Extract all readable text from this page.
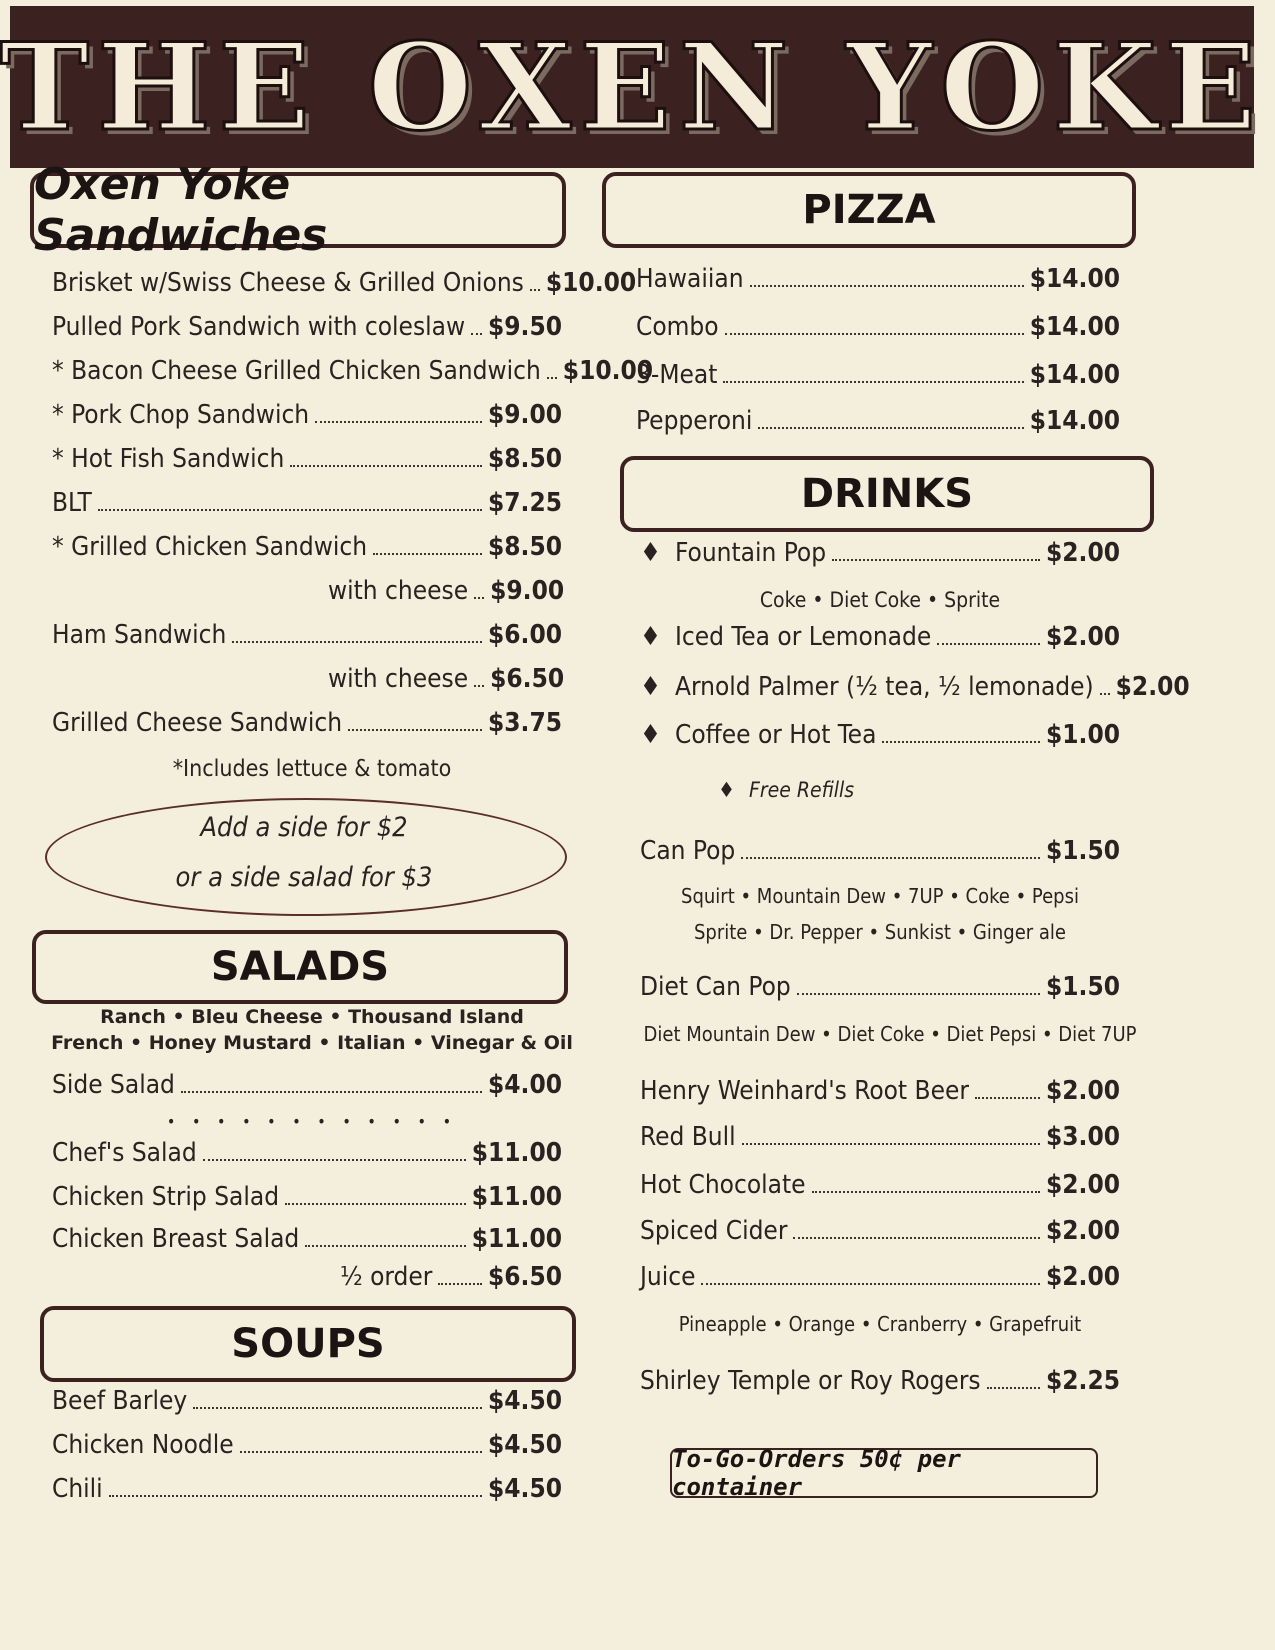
THE OXEN YOKE
Oxen Yoke Sandwiches
Brisket w/Swiss Cheese & Grilled Onions $10.00
Pulled Pork Sandwich with coleslaw $9.50
* Bacon Cheese Grilled Chicken Sandwich $10.00
* Pork Chop Sandwich	$9.00
* Hot Fish Sandwich	$8.50
BLT	$7.25
* Grilled Chicken Sandwich	$8.50
with cheese $9.00
Ham Sandwich	$6.00
with cheese $6.50
Grilled Cheese Sandwich	$3.75
*Includes lettuce & tomato
Add a side for $2
or a side salad for $3
SALADS
Ranch • Bleu Cheese • Thousand Island
French • Honey Mustard • Italian • Vinegar & Oil
Side Salad	$4.00
• • • • • • • • • • • •
Chef's Salad	$11.00
Chicken Strip Salad	$11.00
Chicken Breast Salad	$11.00
½ order $6.50
SOUPS
Beef Barley	$4.50
Chicken Noodle	$4.50
Chili	$4.50
PIZZA
Hawaiian	$14.00
Combo	$14.00
3-Meat	$14.00
Pepperoni	$14.00
DRINKS
♦ Fountain Pop	$2.00
Coke • Diet Coke • Sprite
♦ Iced Tea or Lemonade	$2.00
♦ Arnold Palmer (½ tea, ½ lemonade) $2.00
♦ Coffee or Hot Tea	$1.00
♦ Free Refills
Can Pop	$1.50
Squirt • Mountain Dew • 7UP • Coke • Pepsi
Sprite • Dr. Pepper • Sunkist • Ginger ale
Diet Can Pop	$1.50
Diet Mountain Dew • Diet Coke • Diet Pepsi • Diet 7UP
Henry Weinhard's Root Beer	$2.00
Red Bull	$3.00
Hot Chocolate	$2.00
Spiced Cider	$2.00
Juice	$2.00
Pineapple • Orange • Cranberry • Grapefruit
Shirley Temple or Roy Rogers	$2.25
To-Go-Orders 50¢ per container
